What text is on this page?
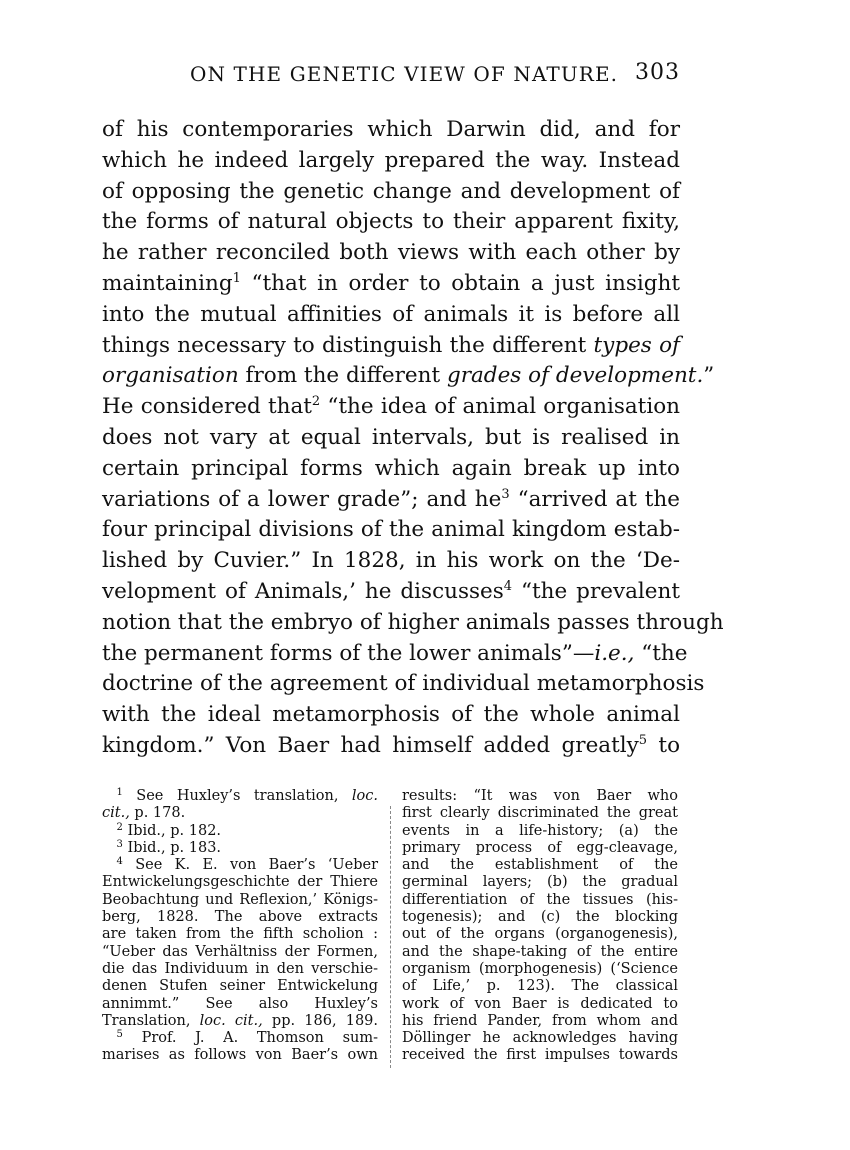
ON THE GENETIC VIEW OF NATURE. 303
of his contemporaries which Darwin did, and for
which he indeed largely prepared the way. Instead
of opposing the genetic change and development of
the forms of natural objects to their apparent fixity,
he rather reconciled both views with each other by
maintaining$^1$ “that in order to obtain a just insight
into the mutual affinities of animals it is before all
things necessary to distinguish the different types of
organisation from the different grades of development.”
He considered that$^2$ “the idea of animal organisation
does not vary at equal intervals, but is realised in
certain principal forms which again break up into
variations of a lower grade”; and $he^3$ “arrived at the
four principal divisions of the animal kingdom estab-
lished by Cuvier.” In 1828, in his work on the ‘De-
velopment of Animals,’ he discusses$^4$ “the prevalent
notion that the embryo of higher animals passes through
the permanent forms of the lower animals”—i.e., “the
doctrine of the agreement of individual metamorphosis
with the ideal metamorphosis of the whole animal
kingdom.” Von Baer had himself added greatly$^5$ to
 $^1$ See Huxley’s translation, loc.
cit., p. 178.
 $^2$ Ibid., p. 182.
 $^3$ Ibid., p. 183.
 $^4$ See K. E. von Baer’s ‘Ueber
Entwickelungsgeschichte der Thiere
Beobachtung und Reflexion,’ Königs-
berg, 1828. The above extracts
are taken from the fifth scholion :
“Ueber das Verhältniss der Formen,
die das Individuum in den verschie-
denen Stufen seiner Entwickelung
annimmt.” See also Huxley’s
Translation, loc. cit., pp. 186, 189.
 $^5$ Prof. J. A. Thomson sum-
marises as follows von Baer’s own
results: “It was von Baer who
first clearly discriminated the great
events in a life-history; (a) the
primary process of egg-cleavage,
and the establishment of the
germinal layers; (b) the gradual
differentiation of the tissues (his-
togenesis); and (c) the blocking
out of the organs (organogenesis),
and the shape-taking of the entire
organism (morphogenesis) (‘Science
of Life,’ p. 123). The classical
work of von Baer is dedicated to
his friend Pander, from whom and
Döllinger he acknowledges having
received the first impulses towards
